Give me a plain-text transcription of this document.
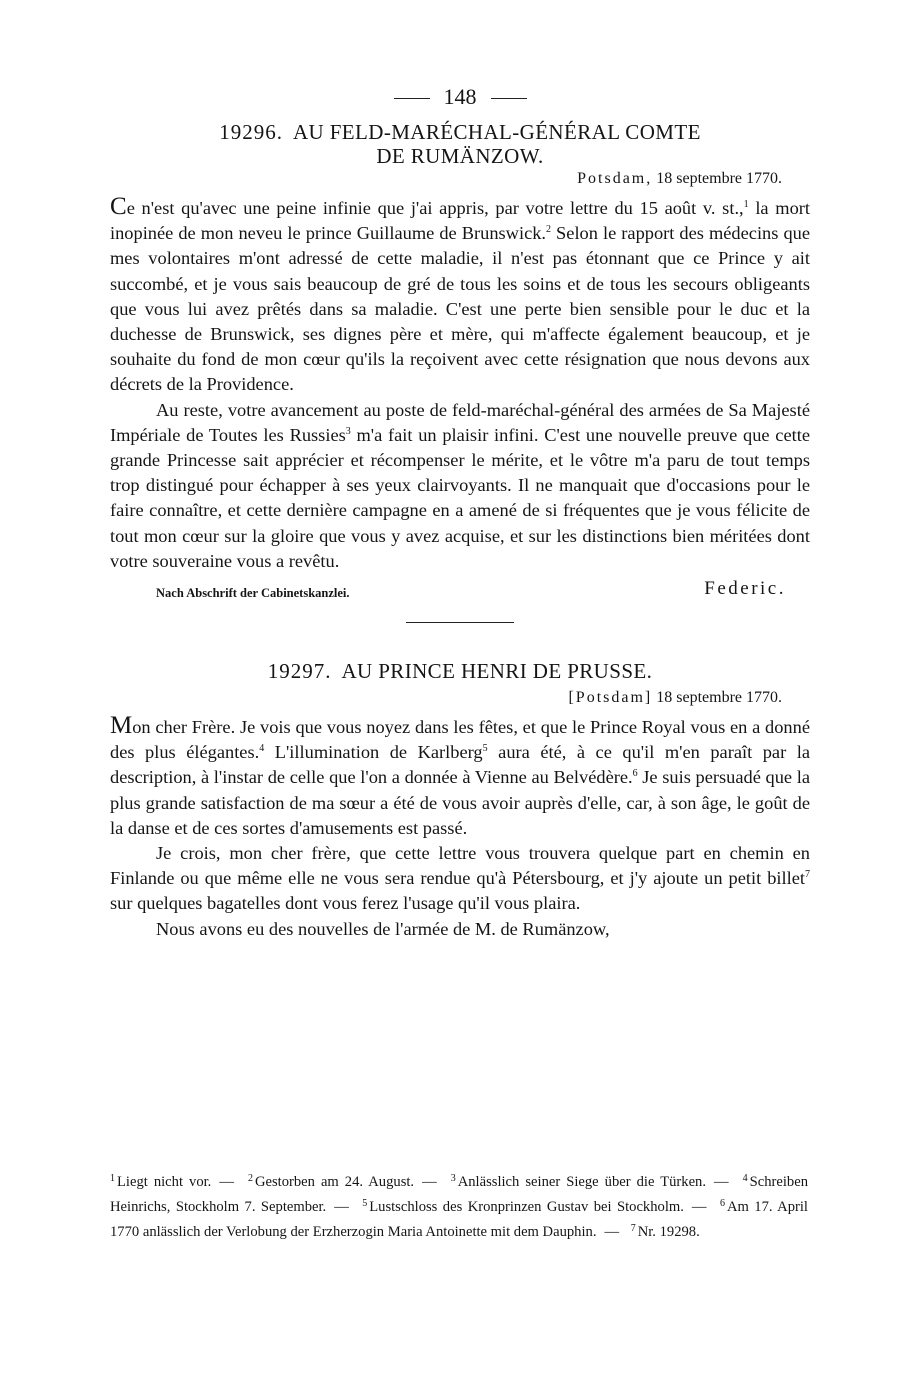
148
19296. AU FELD-MARÉCHAL-GÉNÉRAL COMTE
DE RUMÄNZOW.
Potsdam, 18 septembre 1770.

Ce n'est qu'avec une peine infinie que j'ai appris, par votre lettre du 15 août v. st.,$^1$ la mort inopinée de mon neveu le prince Guillaume de Brunswick.$^2$ Selon le rapport des médecins que mes volontaires m'ont adressé de cette maladie, il n'est pas étonnant que ce Prince y ait succombé, et je vous sais beaucoup de gré de tous les soins et de tous les secours obligeants que vous lui avez prêtés dans sa maladie. C'est une perte bien sensible pour le duc et la duchesse de Brunswick, ses dignes père et mère, qui m'affecte également beaucoup, et je souhaite du fond de mon cœur qu'ils la reçoivent avec cette résignation que nous devons aux décrets de la Providence.

Au reste, votre avancement au poste de feld-maréchal-général des armées de Sa Majesté Impériale de Toutes les Russies$^3$ m'a fait un plaisir infini. C'est une nouvelle preuve que cette grande Princesse sait apprécier et récompenser le mérite, et le vôtre m'a paru de tout temps trop distingué pour échapper à ses yeux clairvoyants. Il ne manquait que d'occasions pour le faire connaître, et cette dernière campagne en a amené de si fréquentes que je vous félicite de tout mon cœur sur la gloire que vous y avez acquise, et sur les distinctions bien méritées dont votre souveraine vous a revêtu.

Nach Abschrift der Cabinetskanzlei.	Federic.
19297. AU PRINCE HENRI DE PRUSSE.
[Potsdam] 18 septembre 1770.

Mon cher Frère. Je vois que vous noyez dans les fêtes, et que le Prince Royal vous en a donné des plus élégantes.$^4$ L'illumination de Karlberg$^5$ aura été, à ce qu'il m'en paraît par la description, à l'instar de celle que l'on a donnée à Vienne au Belvédère.$^6$ Je suis persuadé que la plus grande satisfaction de ma sœur a été de vous avoir auprès d'elle, car, à son âge, le goût de la danse et de ces sortes d'amusements est passé.

Je crois, mon cher frère, que cette lettre vous trouvera quelque part en chemin en Finlande ou que même elle ne vous sera rendue qu'à Pétersbourg, et j'y ajoute un petit billet$^7$ sur quelques bagatelles dont vous ferez l'usage qu'il vous plaira.

Nous avons eu des nouvelles de l'armée de M. de Rumänzow,

$^1$ Liegt nicht vor. — $^2$ Gestorben am 24. August. — $^3$ Anlässlich seiner Siege über die Türken. — $^4$ Schreiben Heinrichs, Stockholm 7. September. — $^5$ Lustschloss des Kronprinzen Gustav bei Stockholm. — $^6$ Am 17. April 1770 anlässlich der Verlobung der Erzherzogin Maria Antoinette mit dem Dauphin. — $^7$ Nr. 19298.
